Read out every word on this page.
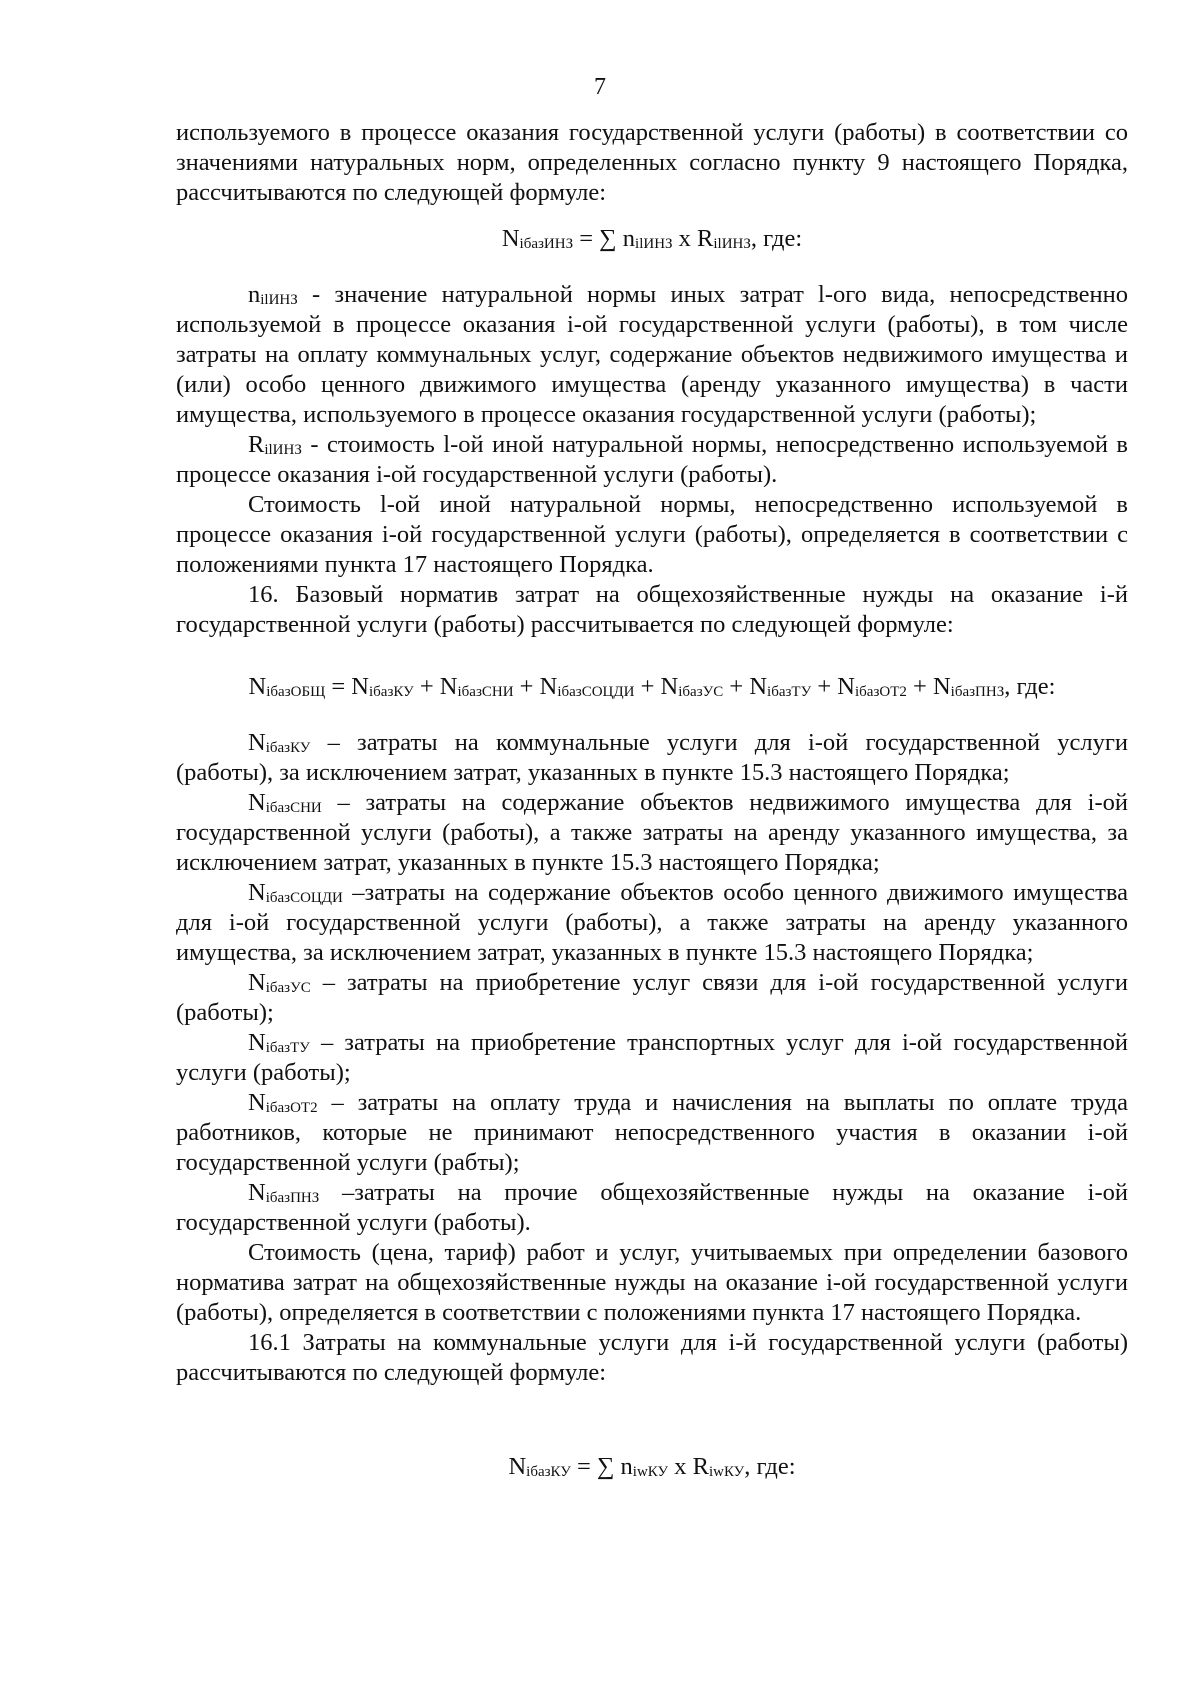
7

используемого в процессе оказания государственной услуги (работы) в соответствии со значениями натуральных норм, определенных согласно пункту 9 настоящего Порядка, рассчитываются по следующей формуле:

$N_{iбазИНЗ}$ = ∑ $n_{ilИНЗ}$ x $R_{ilИНЗ}$, где:

$n_{ilИНЗ}$ - значение натуральной нормы иных затрат l-ого вида, непосредственно используемой в процессе оказания i-ой государственной услуги (работы), в том числе затраты на оплату коммунальных услуг, содержание объектов недвижимого имущества и (или) особо ценного движимого имущества (аренду указанного имущества) в части имущества, используемого в процессе оказания государственной услуги (работы);

$R_{ilИНЗ}$ - стоимость l-ой иной натуральной нормы, непосредственно используемой в процессе оказания i-ой государственной услуги (работы).

Стоимость l-ой иной натуральной нормы, непосредственно используемой в процессе оказания i-ой государственной услуги (работы), определяется в соответствии с положениями пункта 17 настоящего Порядка.

16. Базовый норматив затрат на общехозяйственные нужды на оказание i-й государственной услуги (работы) рассчитывается по следующей формуле:

$N_{iбазОБЩ} = N_{iбазКУ} + N_{iбазСНИ} + N_{iбазСОЦДИ} + N_{iбазУС} + N_{iбазТУ} + N_{iбазОТ2} + N_{iбазПНЗ}$, где:

$N_{iбазКУ}$ – затраты на коммунальные услуги для i-ой государственной услуги (работы), за исключением затрат, указанных в пункте 15.3 настоящего Порядка;

$N_{iбазСНИ}$ – затраты на содержание объектов недвижимого имущества для i-ой государственной услуги (работы), а также затраты на аренду указанного имущества, за исключением затрат, указанных в пункте 15.3 настоящего Порядка;

$N_{iбазСОЦДИ}$ –затраты на содержание объектов особо ценного движимого имущества для i-ой государственной услуги (работы), а также затраты на аренду указанного имущества, за исключением затрат, указанных в пункте 15.3 настоящего Порядка;

$N_{iбазУС}$ – затраты на приобретение услуг связи для i-ой государственной услуги (работы);

$N_{iбазТУ}$ – затраты на приобретение транспортных услуг для i-ой государственной услуги (работы);

$N_{iбазОТ2}$ – затраты на оплату труда и начисления на выплаты по оплате труда работников, которые не принимают непосредственного участия в оказании i-ой государственной услуги (рабты);

$N_{iбазПНЗ}$ –затраты на прочие общехозяйственные нужды на оказание i-ой государственной услуги (работы).

Стоимость (цена, тариф) работ и услуг, учитываемых при определении базового норматива затрат на общехозяйственные нужды на оказание i-ой государственной услуги (работы), определяется в соответствии с положениями пункта 17 настоящего Порядка.

16.1 Затраты на коммунальные услуги для i-й государственной услуги (работы) рассчитываются по следующей формуле:

$N_{iбазКУ}$ = ∑ $n_{iwКУ}$ x $R_{iwКУ}$, где:
